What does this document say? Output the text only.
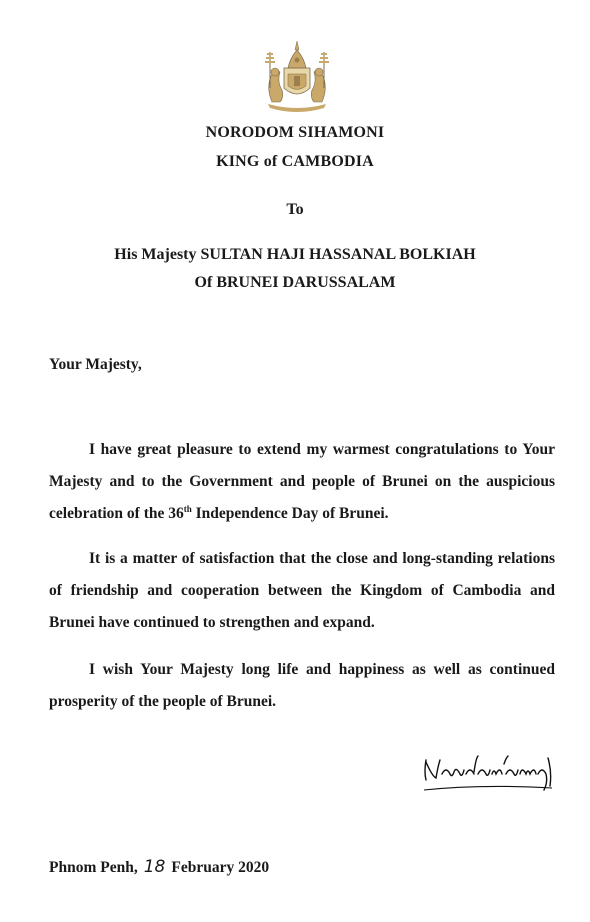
NORODOM SIHAMONI
KING of CAMBODIA
To
His Majesty SULTAN HAJI HASSANAL BOLKIAH
Of BRUNEI DARUSSALAM
Your Majesty,
I have great pleasure to extend my warmest congratulations to Your Majesty and to the Government and people of Brunei on the auspicious celebration of the 36th Independence Day of Brunei.
It is a matter of satisfaction that the close and long-standing relations of friendship and cooperation between the Kingdom of Cambodia and Brunei have continued to strengthen and expand.
I wish Your Majesty long life and happiness as well as continued prosperity of the people of Brunei.
Phnom Penh, 18 February 2020
